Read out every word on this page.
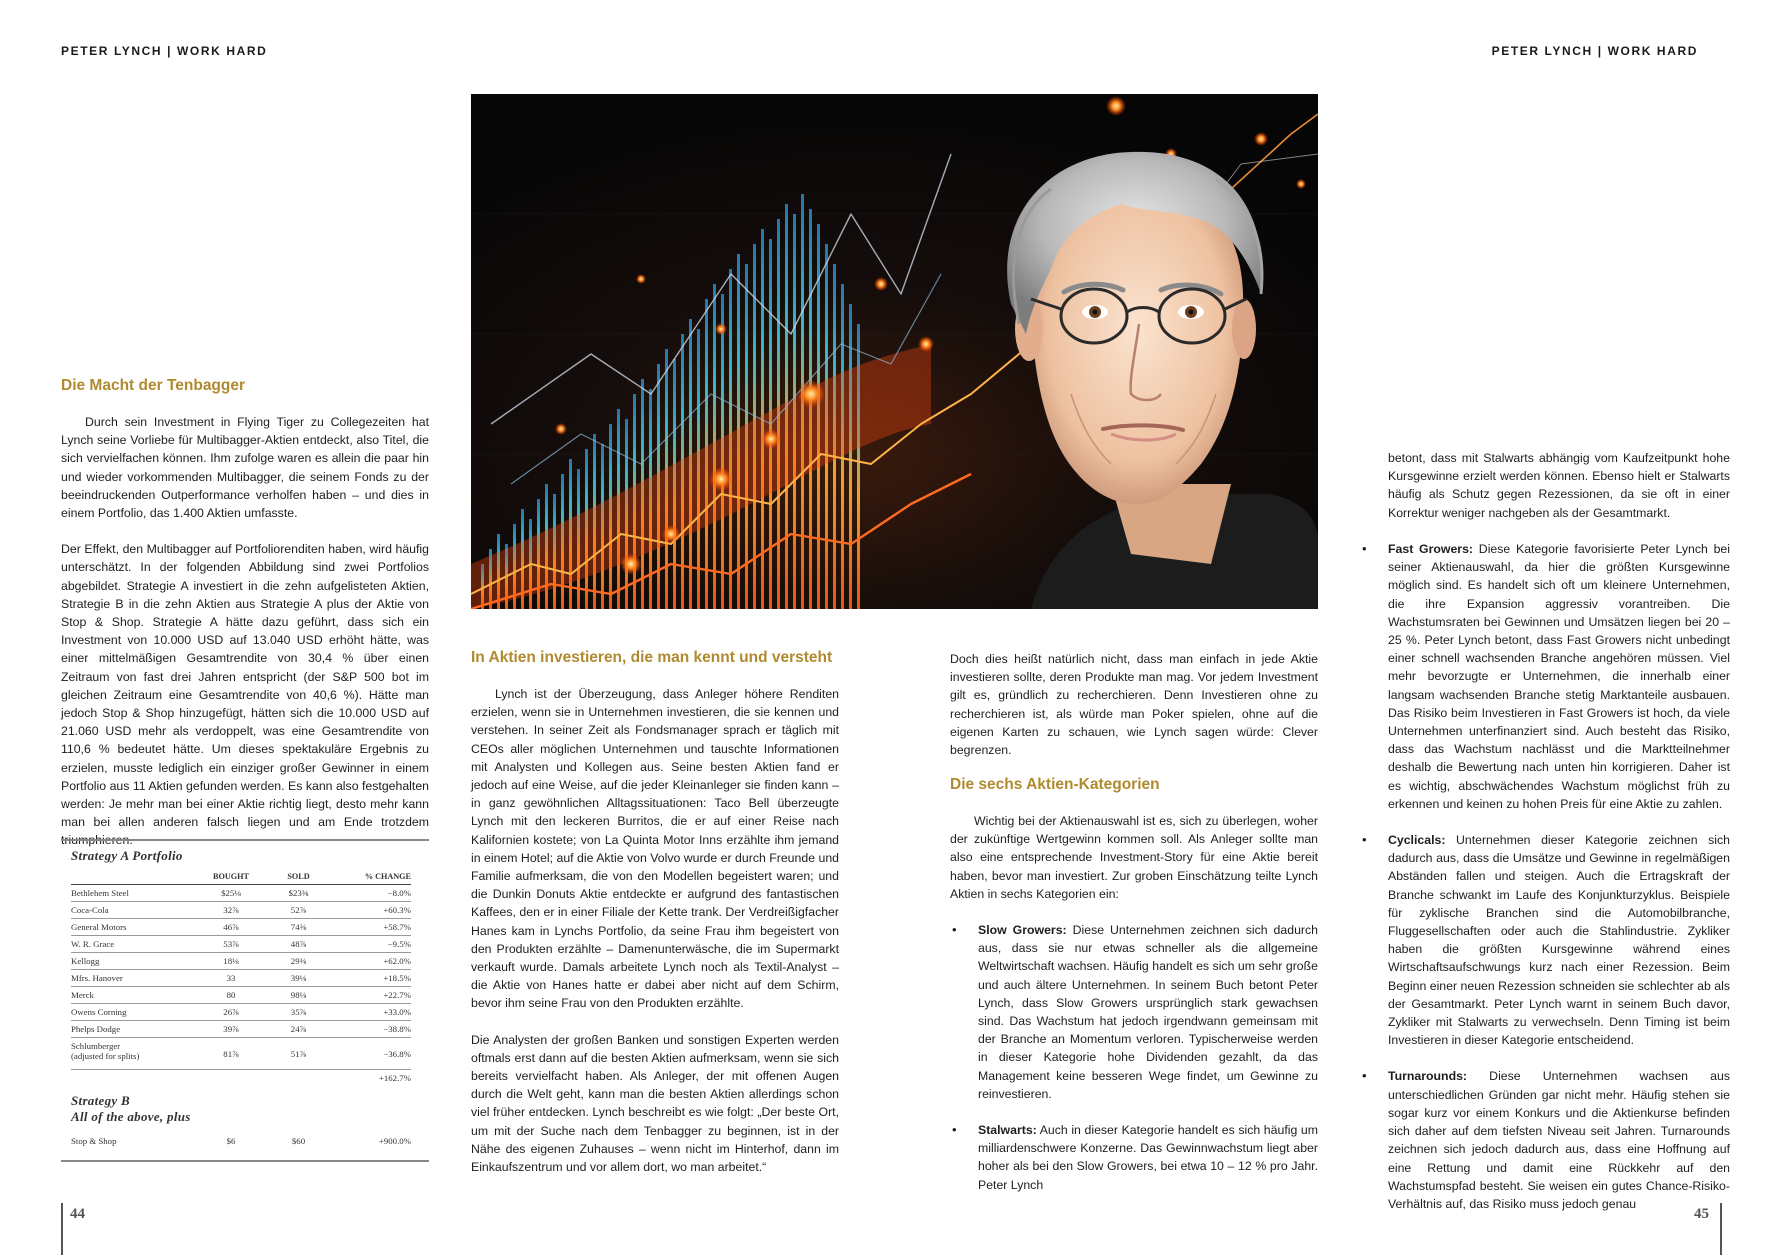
PETER LYNCH | WORK HARD	PETER LYNCH | WORK HARD
Die Macht der Tenbagger

Durch sein Investment in Flying Tiger zu Collegezeiten hat Lynch seine Vorliebe für Multibagger-Aktien entdeckt, also Titel, die sich vervielfachen können. Ihm zufolge waren es allein die paar hin und wieder vorkommenden Multibagger, die seinem Fonds zu der beeindruckenden Outperformance verholfen haben – und dies in einem Portfolio, das 1.400 Aktien umfasste.

Der Effekt, den Multibagger auf Portfoliorenditen haben, wird häufig unterschätzt. In der folgenden Abbildung sind zwei Portfolios abgebildet. Strategie A investiert in die zehn aufgelisteten Aktien, Strategie B in die zehn Aktien aus Strategie A plus der Aktie von Stop & Shop. Strategie A hätte dazu geführt, dass sich ein Investment von 10.000 USD auf 13.040 USD erhöht hätte, was einer mittelmäßigen Gesamtrendite von 30,4 % über einen Zeitraum von fast drei Jahren entspricht (der S&P 500 bot im gleichen Zeitraum eine Gesamtrendite von 40,6 %). Hätte man jedoch Stop & Shop hinzugefügt, hätten sich die 10.000 USD auf 21.060 USD mehr als verdoppelt, was eine Gesamtrendite von 110,6 % bedeutet hätte. Um dieses spektakuläre Ergebnis zu erzielen, musste lediglich ein einziger großer Gewinner in einem Portfolio aus 11 Aktien gefunden werden. Es kann also festgehalten werden: Je mehr man bei einer Aktie richtig liegt, desto mehr kann man bei allen anderen falsch liegen und am Ende trotzdem

Strategy A Portfolio
	BOUGHT	SOLD	% CHANGE
Bethlehem Steel	$25⅛	$23⅜	−8.0%
Coca-Cola	32⅞	52⅞	+60.3%
General Motors	46⅞	74⅜	+58.7%
W. R. Grace	53⅞	48⅞	−9.5%
Kellogg	18⅛	29⅜	+62.0%
Mfrs. Hanover	33	39⅛	+18.5%
Merck	80	98⅛	+22.7%
Owens Corning	26⅞	35⅞	+33.0%
Phelps Dodge	39⅞	24⅞	−38.8%

Schlumberger
(adjusted for splits)	81⅞	51⅞	−36.8%
			+162.7%
Strategy B
All of the above, plus
Stop & Shop	$6	$60	+900.0%
In Aktien investieren, die man kennt und versteht

Lynch ist der Überzeugung, dass Anleger höhere Renditen erzielen, wenn sie in Unternehmen investieren, die sie kennen und verstehen. In seiner Zeit als Fondsmanager sprach er täglich mit CEOs aller möglichen Unternehmen und tauschte Informationen mit Analysten und Kollegen aus. Seine besten Aktien fand er jedoch auf eine Weise, auf die jeder Kleinanleger sie finden kann – in ganz gewöhnlichen Alltagssituationen: Taco Bell überzeugte Lynch mit den leckeren Burritos, die er auf einer Reise nach Kalifornien kostete; von La Quinta Motor Inns erzählte ihm jemand in einem Hotel; auf die Aktie von Volvo wurde er durch Freunde und Familie aufmerksam, die von den Modellen begeistert waren; und die Dunkin Donuts Aktie entdeckte er aufgrund des fantastischen Kaffees, den er in einer Filiale der Kette trank. Der Verdreißigfacher Hanes kam in Lynchs Portfolio, da seine Frau ihm begeistert von den Produkten erzählte – Damenunterwäsche, die im Supermarkt verkauft wurde. Damals arbeitete Lynch noch als Textil-Analyst – die Aktie von Hanes hatte er dabei aber nicht auf dem Schirm, bevor ihm seine Frau von den Produkten erzählte.

Die Analysten der großen Banken und sonstigen Experten werden oftmals erst dann auf die besten Aktien aufmerksam, wenn sie sich bereits vervielfacht haben. Als Anleger, der mit offenen Augen durch die Welt geht, kann man die besten Aktien allerdings schon viel früher entdecken. Lynch beschreibt es wie folgt: „Der beste Ort, um mit der Suche nach dem Tenbagger zu beginnen, ist in der Nähe des eigenen Zuhauses – wenn nicht im Hinterhof, dann im Einkaufszentrum und vor allem dort, wo man arbeitet.“

Doch dies heißt natürlich nicht, dass man einfach in jede Aktie investieren sollte, deren Produkte man mag. Vor jedem Investment gilt es, gründlich zu recherchieren. Denn Investieren ohne zu recherchieren ist, als würde man Poker spielen, ohne auf die eigenen Karten zu schauen, wie Lynch sagen würde: Clever begrenzen.

Die sechs Aktien-Kategorien

Wichtig bei der Aktienauswahl ist es, sich zu überlegen, woher der zukünftige Wertgewinn kommen soll. Als Anleger sollte man also eine entsprechende Investment-Story für eine Aktie bereit haben, bevor man investiert. Zur groben Einschätzung teilte Lynch Aktien in sechs Kategorien ein:

• Slow Growers: Diese Unternehmen zeichnen sich dadurch aus, dass sie nur etwas schneller als die allgemeine Weltwirtschaft wachsen. Häufig handelt es sich um sehr große und auch ältere Unternehmen. In seinem Buch betont Peter Lynch, dass Slow Growers ursprünglich stark gewachsen sind. Das Wachstum hat jedoch irgendwann gemeinsam mit der Branche an Momentum verloren. Typischerweise werden in dieser Kategorie hohe Dividenden gezahlt, da das Management keine besseren Wege findet, um Gewinne zu reinvestieren.
• Stalwarts: Auch in dieser Kategorie handelt es sich häufig um milliardenschwere Konzerne. Das Gewinnwachstum liegt aber hoher als bei den Slow Growers, bei etwa 10 – 12 % pro Jahr. Peter Lynch

betont, dass mit Stalwarts abhängig vom Kaufzeitpunkt hohe Kursgewinne erzielt werden können. Ebenso hielt er Stalwarts häufig als Schutz gegen Rezessionen, da sie oft in einer Korrektur weniger nachgeben als der Gesamtmarkt.

• Fast Growers: Diese Kategorie favorisierte Peter Lynch bei seiner Aktienauswahl, da hier die größten Kursgewinne möglich sind. Es handelt sich oft um kleinere Unternehmen, die ihre Expansion aggressiv vorantreiben. Die Wachstumsraten bei Gewinnen und Umsätzen liegen bei 20 – 25 %. Peter Lynch betont, dass Fast Growers nicht unbedingt einer schnell wachsenden Branche angehören müssen. Viel mehr bevorzugte er Unternehmen, die innerhalb einer langsam wachsenden Branche stetig Marktanteile ausbauen. Das Risiko beim Investieren in Fast Growers ist hoch, da viele Unternehmen unterfinanziert sind. Auch besteht das Risiko, dass das Wachstum nachlässt und die Marktteilnehmer deshalb die Bewertung nach unten hin korrigieren. Daher ist es wichtig, abschwächendes Wachstum möglichst früh zu erkennen und keinen zu hohen Preis für eine Aktie zu zahlen.
• Cyclicals: Unternehmen dieser Kategorie zeichnen sich dadurch aus, dass die Umsätze und Gewinne in regelmäßigen Abständen fallen und steigen. Auch die Ertragskraft der Branche schwankt im Laufe des Konjunkturzyklus. Beispiele für zyklische Branchen sind die Automobilbranche, Fluggesellschaften oder auch die Stahlindustrie. Zykliker haben die größten Kursgewinne während eines Wirtschaftsaufschwungs kurz nach einer Rezession. Beim Beginn einer neuen Rezession schneiden sie schlechter ab als der Gesamtmarkt. Peter Lynch warnt in seinem Buch davor, Zykliker mit Stalwarts zu verwechseln. Denn Timing ist beim Investieren in dieser Kategorie entscheidend.
• Turnarounds: Diese Unternehmen wachsen aus unterschiedlichen Gründen gar nicht mehr. Häufig stehen sie sogar kurz vor einem Konkurs und die Aktienkurse befinden sich daher auf dem tiefsten Niveau seit Jahren. Turnarounds zeichnen sich jedoch dadurch aus, dass eine Hoffnung auf eine Rettung und damit eine Rückkehr auf den Wachstumspfad besteht. Sie weisen ein gutes Chance-Risiko-Verhältnis auf, das Risiko muss jedoch genau
44	45
